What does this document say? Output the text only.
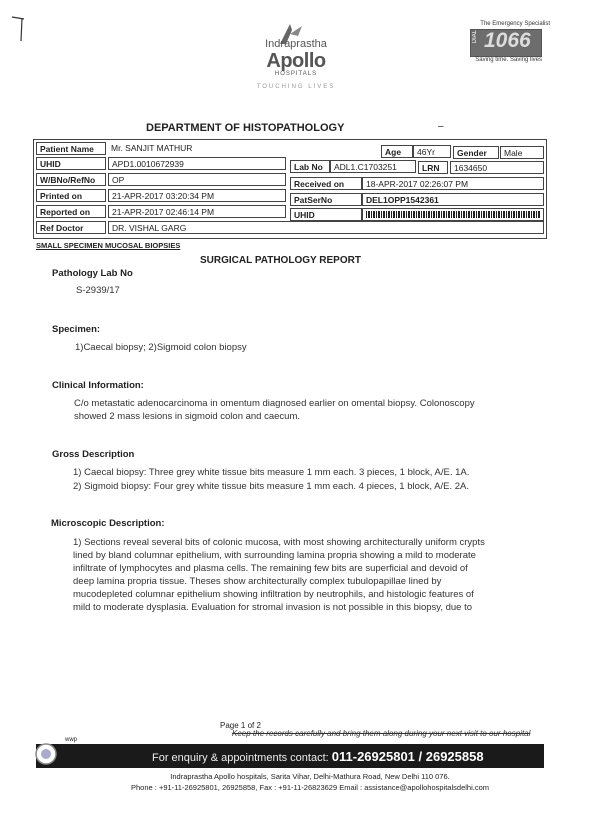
Indraprastha
Apollo
HOSPITALS
TOUCHING LIVES
The Emergency Specialist
DIAL 1066
Saving time. Saving lives
DEPARTMENT OF HISTOPATHOLOGY	–
Patient Name	Mr. SANJIT MATHUR	Age	46Yr	Gender	Male
UHID	APD1.0010672939	Lab No	ADL1.C1703251	LRN	1634650
W/BNo/RefNo	OP	Received on	18-APR-2017 02:26:07 PM
Printed on	21-APR-2017 03:20:34 PM	PatSerNo	DEL1OPP1542361
Reported on	21-APR-2017 02:46:14 PM	UHID
Ref Doctor	DR. VISHAL GARG
SMALL SPECIMEN MUCOSAL BIOPSIES
SURGICAL PATHOLOGY REPORT
Pathology Lab No
S-2939/17
Specimen:
1)Caecal biopsy; 2)Sigmoid colon biopsy
Clinical Information:
C/o metastatic adenocarcinoma in omentum diagnosed earlier on omental biopsy. Colonoscopy
showed 2 mass lesions in sigmoid colon and caecum.
Gross Description
1) Caecal biopsy: Three grey white tissue bits measure 1 mm each. 3 pieces, 1 block, A/E. 1A.
2) Sigmoid biopsy: Four grey white tissue bits measure 1 mm each. 4 pieces, 1 block, A/E. 2A.
Microscopic Description:
1) Sections reveal several bits of colonic mucosa, with most showing architecturally uniform crypts
lined by bland columnar epithelium, with surrounding lamina propria showing a mild to moderate
infiltrate of lymphocytes and plasma cells. The remaining few bits are superficial and devoid of
deep lamina propria tissue. Theses show architecturally complex tubulopapillae lined by
mucodepleted columnar epithelium showing infiltration by neutrophils, and histologic features of
mild to moderate dysplasia. Evaluation for stromal invasion is not possible in this biopsy, due to
Page 1 of 2
Keep the records carefully and bring them along during your next visit to our hospital
wwp
For enquiry & appointments contact: 011-26925801 / 26925858
Indraprastha Apollo hospitals, Sarita Vihar, Delhi-Mathura Road, New Delhi 110 076.
Phone : +91-11-26925801, 26925858, Fax : +91-11-26823629 Email : assistance@apollohospitalsdelhi.com
